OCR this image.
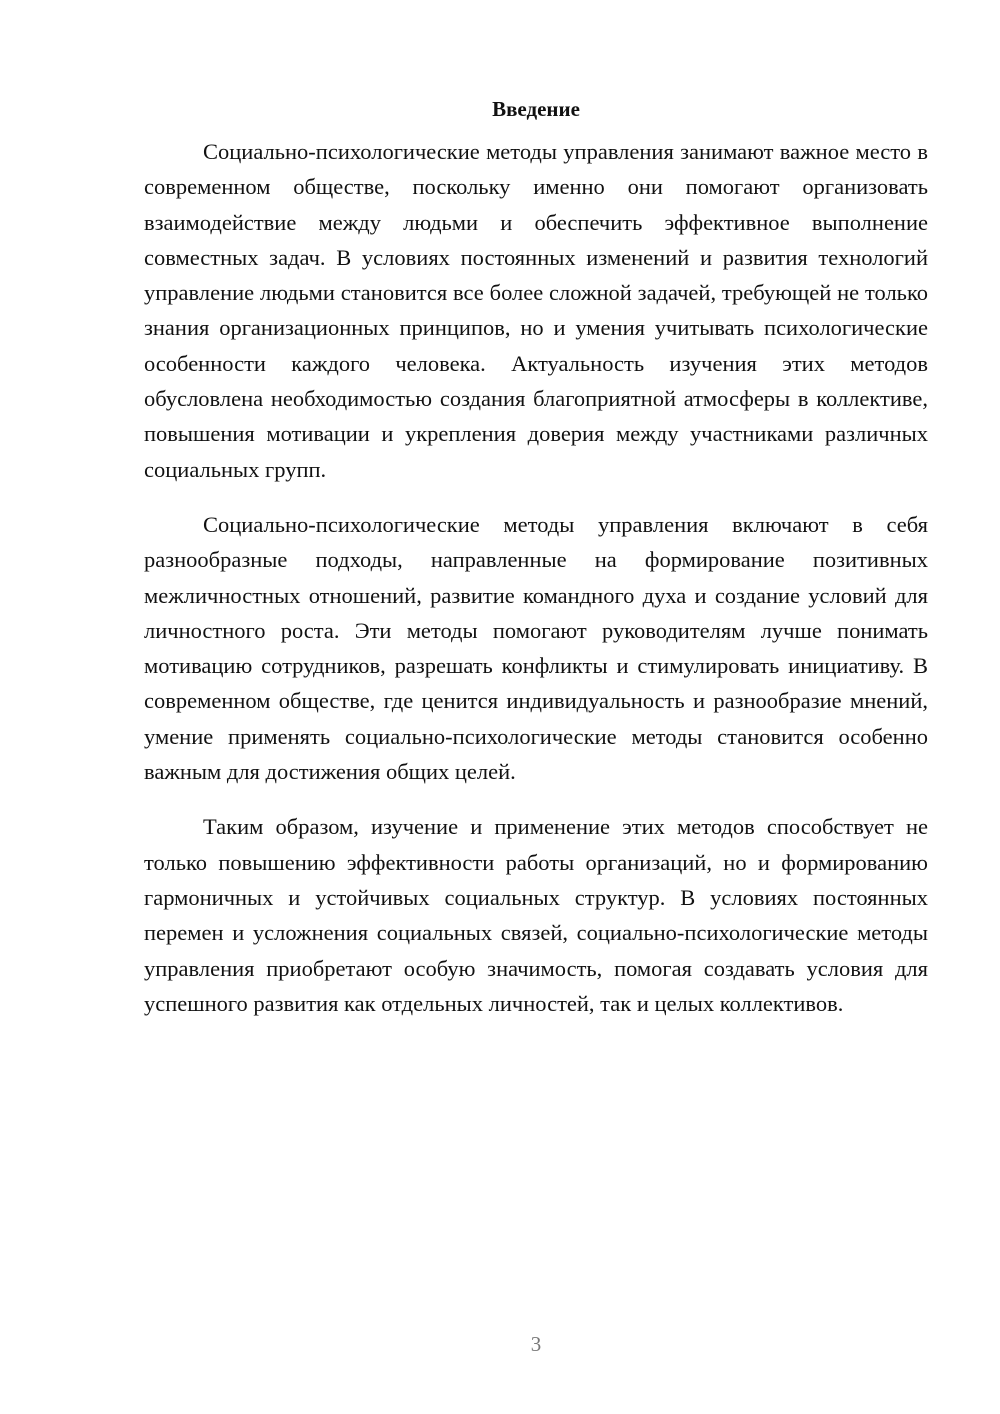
Введение

Социально-психологические методы управления занимают важное место в современном обществе, поскольку именно они помогают организовать взаимодействие между людьми и обеспечить эффективное выполнение совместных задач. В условиях постоянных изменений и развития технологий управление людьми становится все более сложной задачей, требующей не только знания организационных принципов, но и умения учитывать психологические особенности каждого человека. Актуальность изучения этих методов обусловлена необходимостью создания благоприятной атмосферы в коллективе, повышения мотивации и укрепления доверия между участниками различных социальных групп.

Социально-психологические методы управления включают в себя разнообразные подходы, направленные на формирование позитивных межличностных отношений, развитие командного духа и создание условий для личностного роста. Эти методы помогают руководителям лучше понимать мотивацию сотрудников, разрешать конфликты и стимулировать инициативу. В современном обществе, где ценится индивидуальность и разнообразие мнений, умение применять социально-психологические методы становится особенно важным для достижения общих целей.

Таким образом, изучение и применение этих методов способствует не только повышению эффективности работы организаций, но и формированию гармоничных и устойчивых социальных структур. В условиях постоянных перемен и усложнения социальных связей, социально-психологические методы управления приобретают особую значимость, помогая создавать условия для успешного развития как отдельных личностей, так и целых коллективов.

3
